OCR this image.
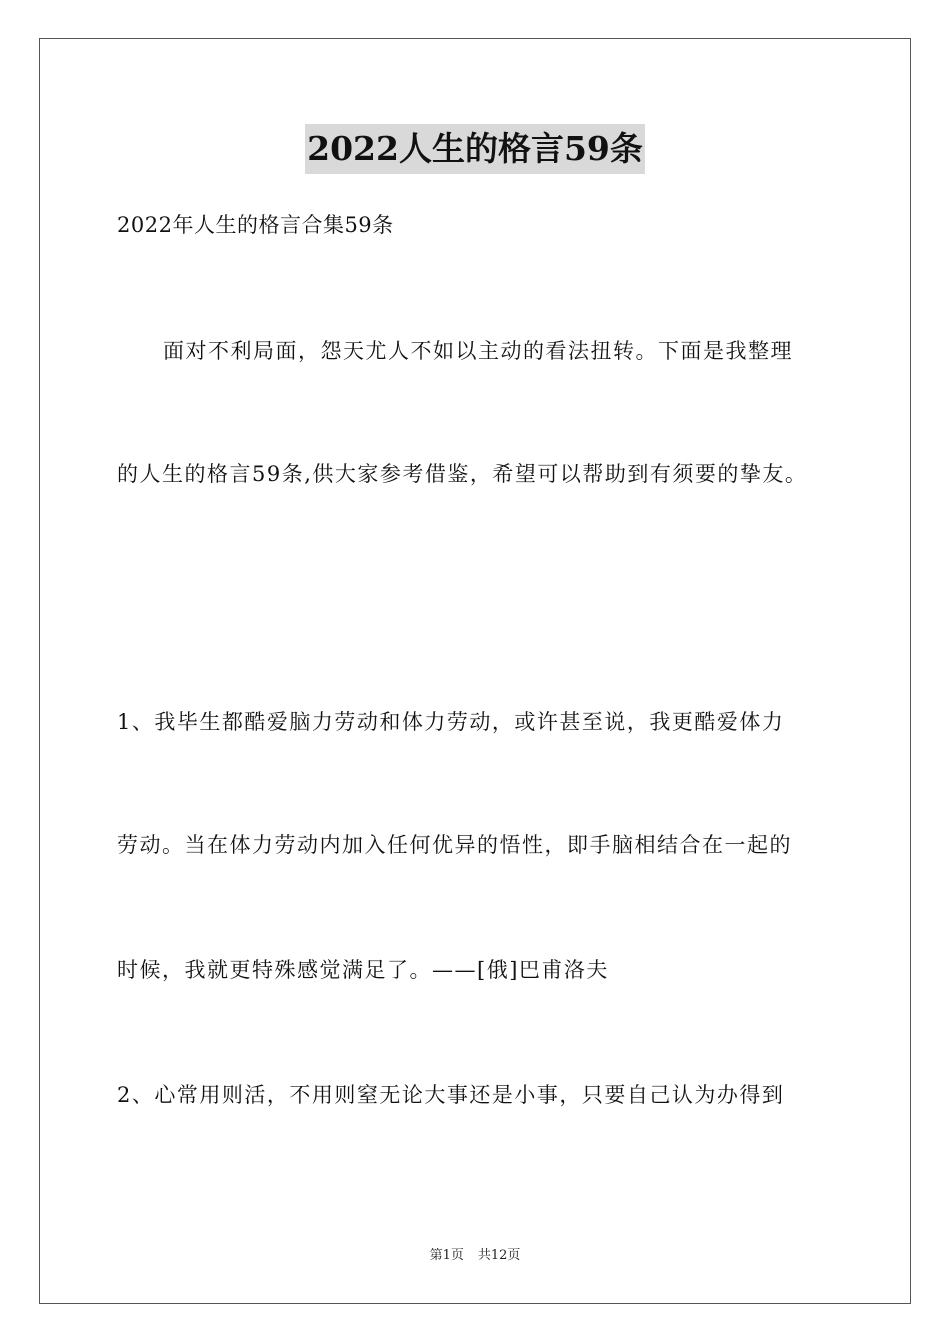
2022人生的格言59条
2022年人生的格言合集59条
面对不利局面，怨天尤人不如以主动的看法扭转。下面是我整理
的人生的格言59条,供大家参考借鉴，希望可以帮助到有须要的挚友。
1、我毕生都酷爱脑力劳动和体力劳动，或许甚至说，我更酷爱体力
劳动。当在体力劳动内加入任何优异的悟性，即手脑相结合在一起的
时候，我就更特殊感觉满足了。——[俄]巴甫洛夫
2、心常用则活，不用则窒无论大事还是小事，只要自己认为办得到
第1页 共12页
